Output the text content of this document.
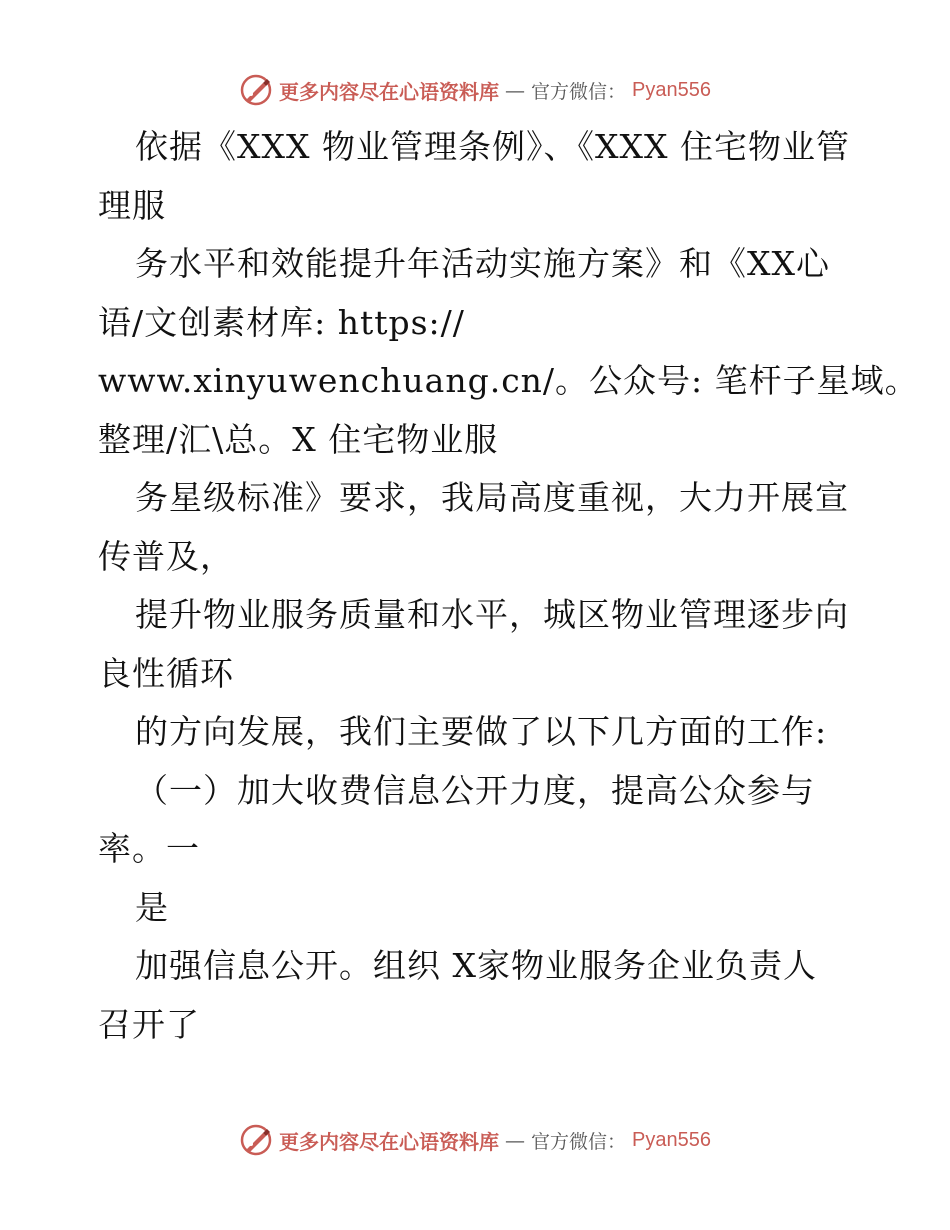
更多内容尽在心语资料库 — 官方微信： Pyan556
依据《XXX 物业管理条例》、《XXX 住宅物业管
理服
务水平和效能提升年活动实施方案》和《XX心
语/文创素材库: https://
www.xinyuwenchuang.cn/。公众号: 笔杆子星域。
整理/汇\总。X 住宅物业服
务星级标准》要求，我局高度重视，大力开展宣
传普及，
提升物业服务质量和水平，城区物业管理逐步向
良性循环
的方向发展，我们主要做了以下几方面的工作:
（一）加大收费信息公开力度，提高公众参与
率。一
是
加强信息公开。组织 X家物业服务企业负责人
召开了
更多内容尽在心语资料库 — 官方微信： Pyan556
